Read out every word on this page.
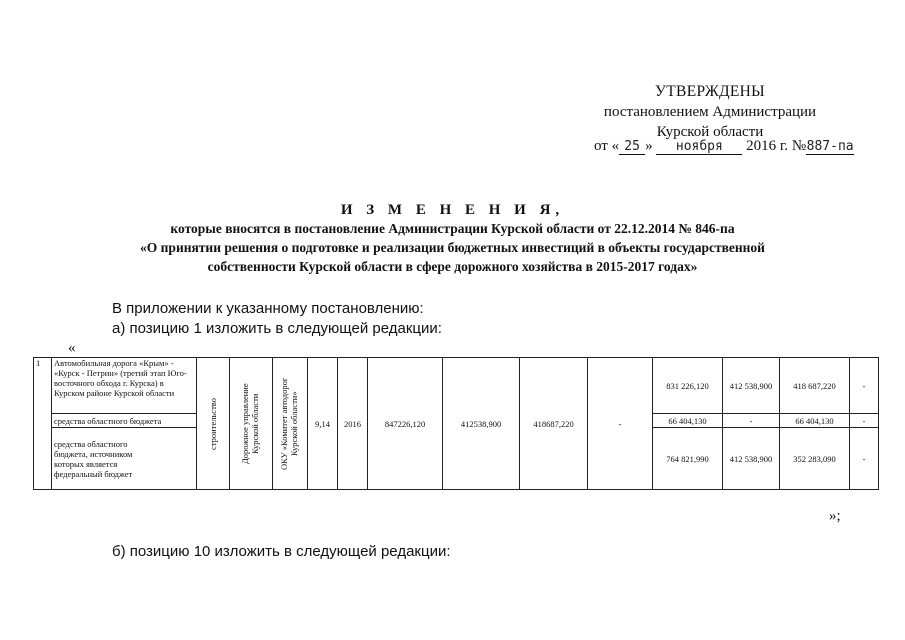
УТВЕРЖДЕНЫ
постановлением Администрации
Курской области
от « 25 » ноября 2016 г. №887-па
И З М Е Н Е Н И Я,
которые вносятся в постановление Администрации Курской области от 22.12.2014 № 846-па
«О принятии решения о подготовке и реализации бюджетных инвестиций в объекты государственной
собственности Курской области в сфере дорожного хозяйства в 2015-2017 годах»
В приложении к указанному постановлению:
а) позицию 1 изложить в следующей редакции:
«
1	Автомобильная дорога «Крым» - «Курск - Петрин» (третий этап Юго-восточного обхода г. Курска) в Курском районе Курской области	строительство	Дорожное управление Курской области	ОКУ «Комитет автодорог Курской области»	9,14	2016	847226,120	412538,900	418687,220	-	831 226,120	412 538,900	418 687,220	-
	средства областного бюджета										66 404,130	-	66 404,130	-
	средства областного бюджета, источником которых является федеральный бюджет										764 821,990	412 538,900	352 283,090	-
»;
б) позицию 10 изложить в следующей редакции:
